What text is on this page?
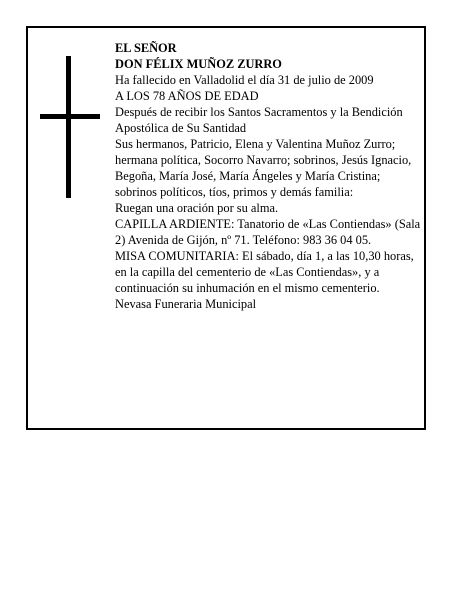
EL SEÑOR

DON FÉLIX MUÑOZ ZURRO

Ha fallecido en Valladolid el día 31 de julio de 2009

A LOS 78 AÑOS DE EDAD

Después de recibir los Santos Sacramentos y la Bendición Apostólica de Su Santidad

Sus hermanos, Patricio, Elena y Valentina Muñoz Zurro; hermana política, Socorro Navarro; sobrinos, Jesús Ignacio, Begoña, María José, María Ángeles y María Cristina; sobrinos políticos, tíos, primos y demás familia:

Ruegan una oración por su alma.

CAPILLA ARDIENTE: Tanatorio de «Las Contiendas» (Sala 2) Avenida de Gijón, nº 71. Teléfono: 983 36 04 05.

MISA COMUNITARIA: El sábado, día 1, a las 10,30 horas, en la capilla del cementerio de «Las Contiendas», y a continuación su inhumación en el mismo cementerio.

Nevasa Funeraria Municipal
